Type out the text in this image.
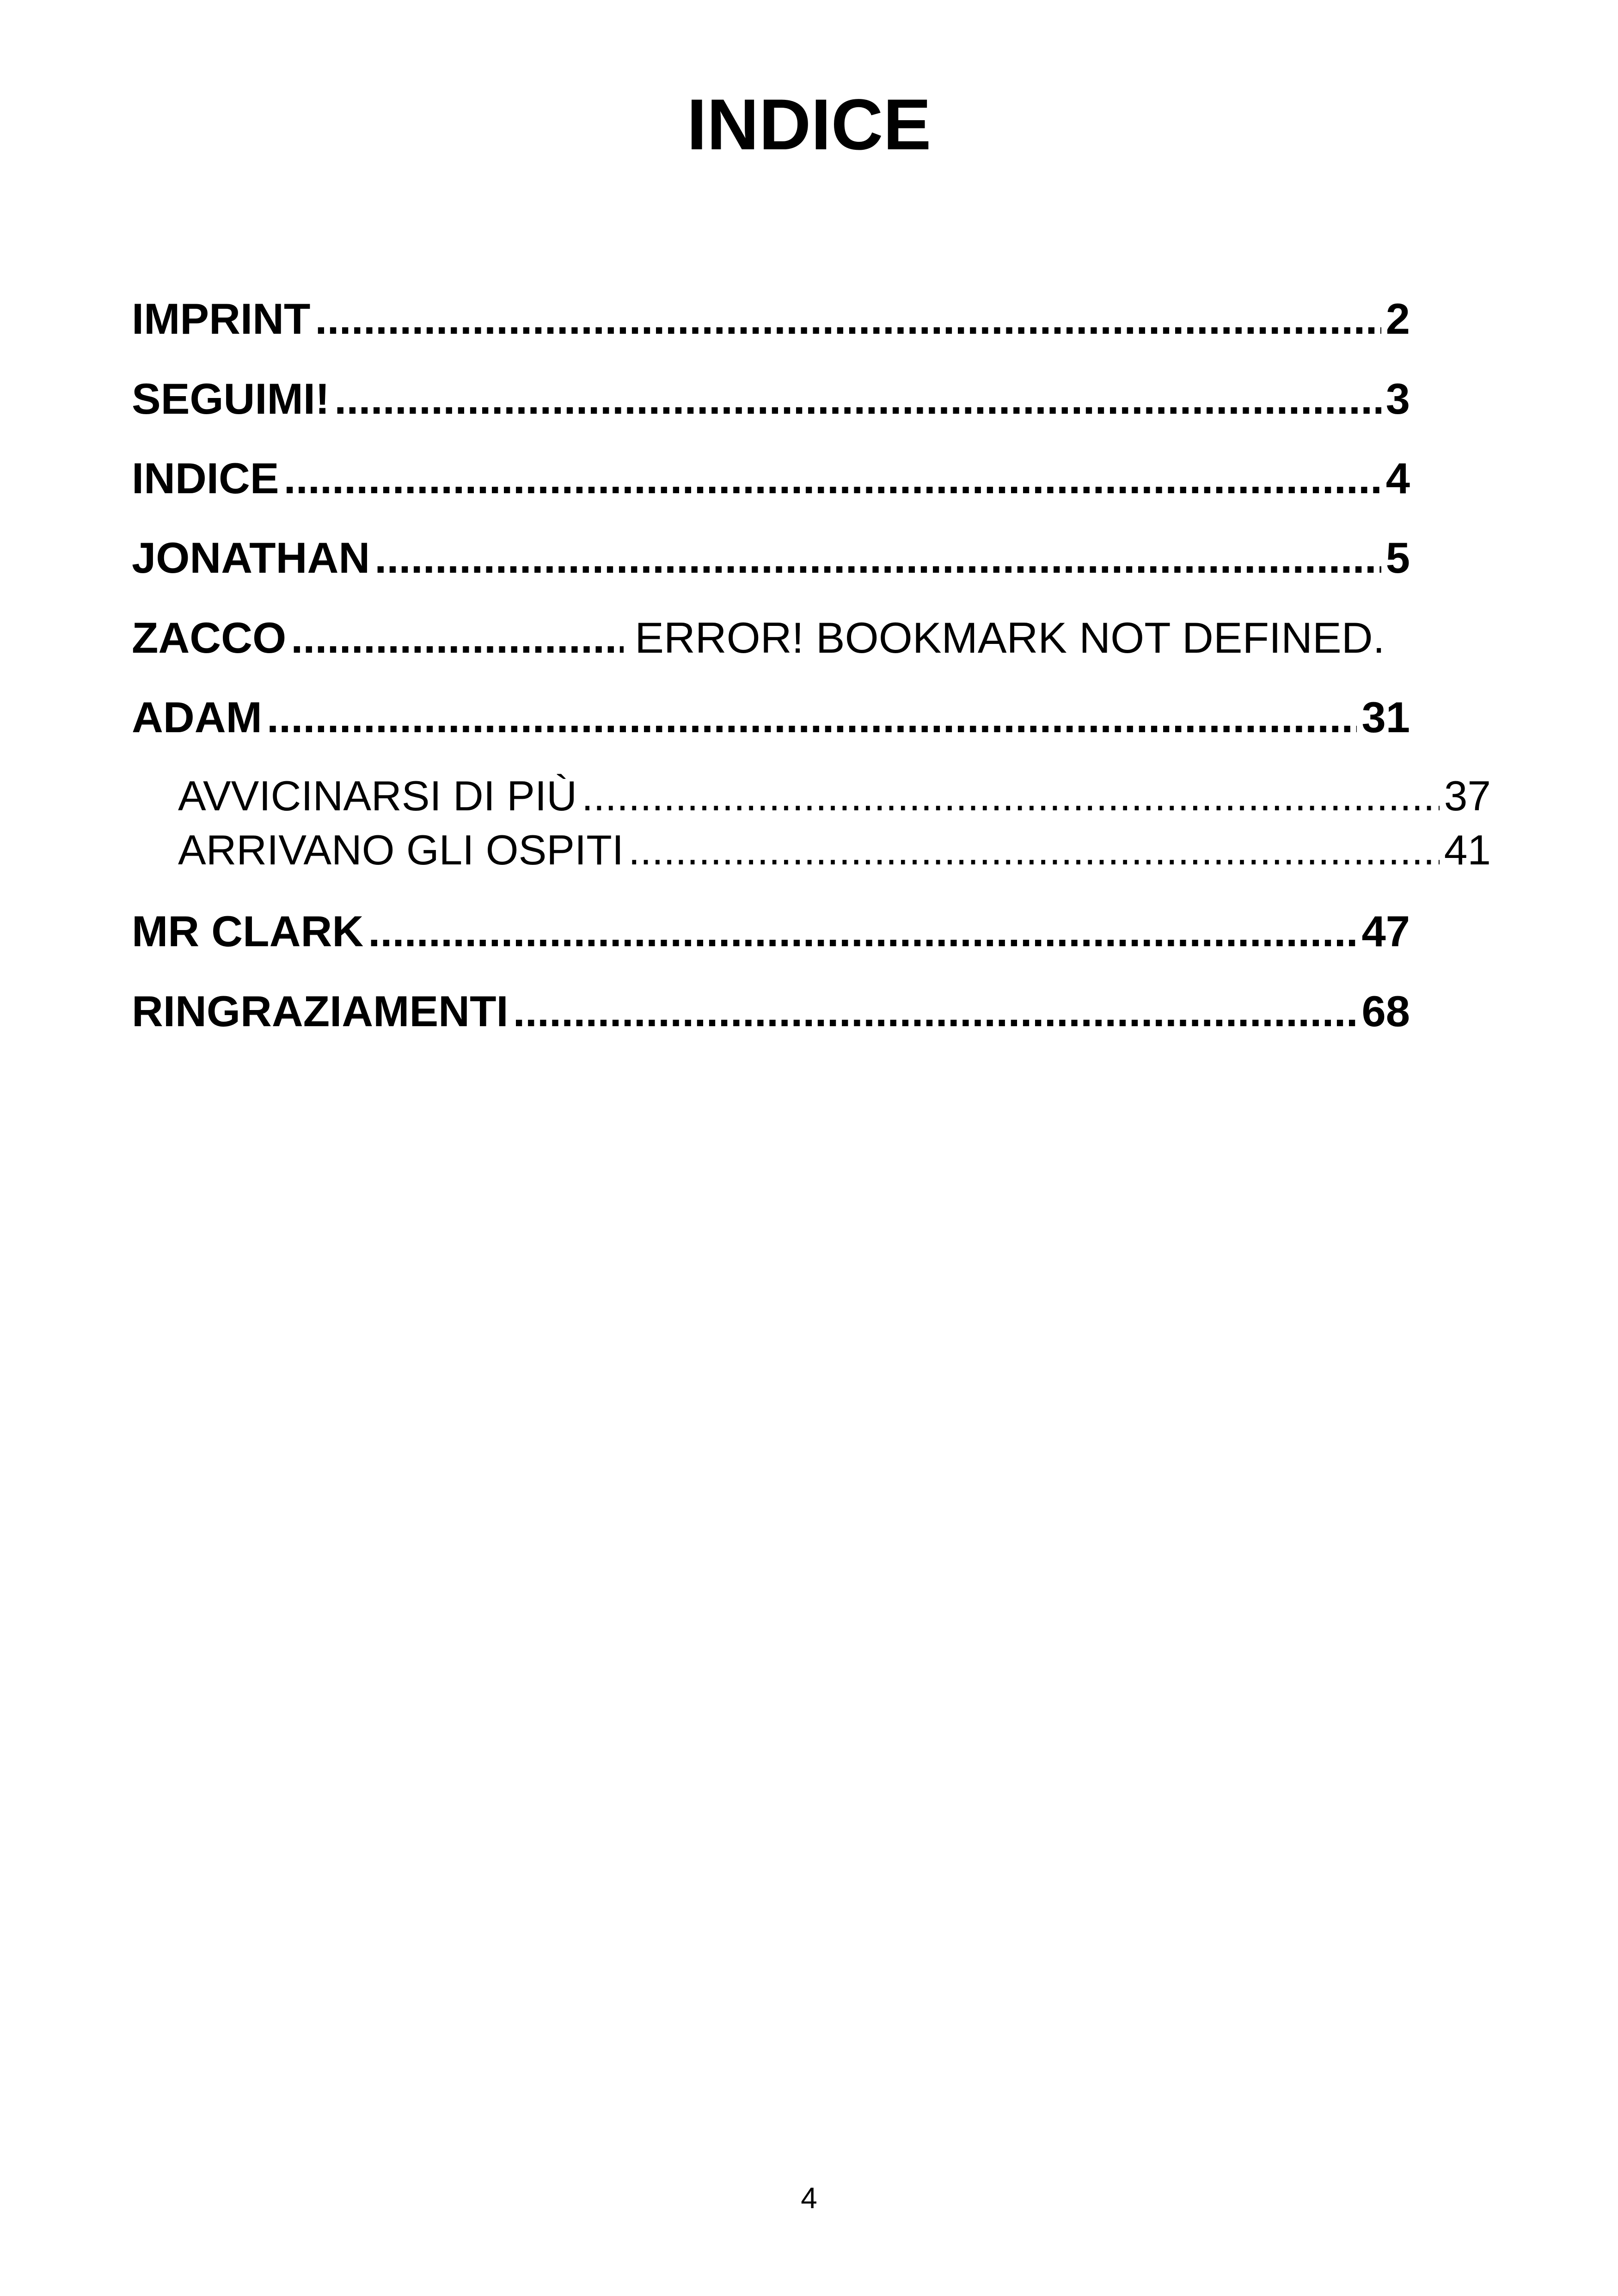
INDICE
IMPRINT .....	2
SEGUIMI! .....	3
INDICE .....	4
JONATHAN .....	5
ZACCO .....	ERROR! BOOKMARK NOT DEFINED.
ADAM .....	31
AVVICINARSI DI PIÙ .....	37
ARRIVANO GLI OSPITI .....	41
MR CLARK .....	47
RINGRAZIAMENTI .....	68
4
